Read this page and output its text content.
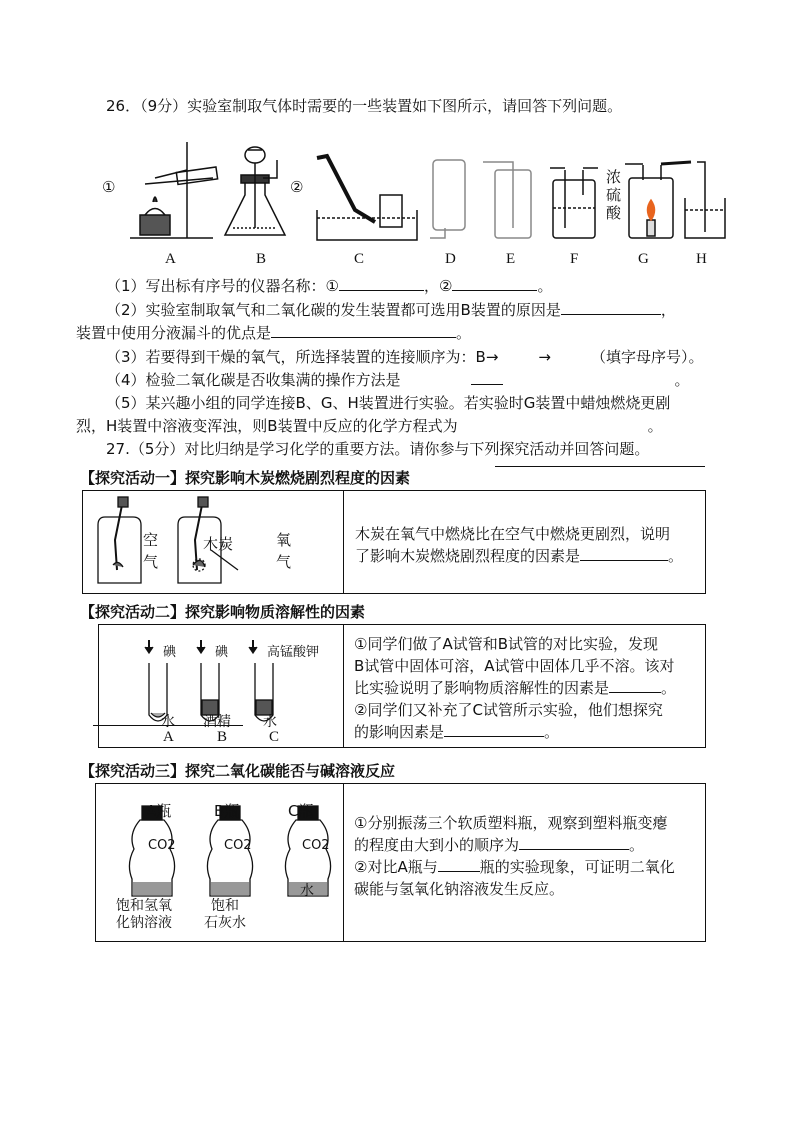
26．（9分）实验室制取气体时需要的一些装置如下图所示，请回答下列问题。
①	②
浓
硫
酸
A	B	C	D	E	F	G	H
（1）写出标有序号的仪器名称：①	，②	。
（2）实验室制取氧气和二氧化碳的发生装置都可选用B装置的原因是	，
装置中使用分液漏斗的优点是	。
（3）若要得到干燥的氧气，所选择装置的连接顺序为：B→	→	（填字母序号）。
（4）检验二氧化碳是否收集满的操作方法是	。
（5）某兴趣小组的同学连接B、G、H装置进行实验。若实验时G装置中蜡烛燃烧更剧
烈，H装置中溶液变浑浊，则B装置中反应的化学方程式为	。
27.（5分）对比归纳是学习化学的重要方法。请你参与下列探究活动并回答问题。
【探究活动一】探究影响木炭燃烧剧烈程度的因素
空
气
木炭	氧
气
木炭在氧气中燃烧比在空气中燃烧更剧烈，说明
了影响木炭燃烧剧烈程度的因素是	。
【探究活动二】探究影响物质溶解性的因素
碘	碘	高锰酸钾
水 酒精 水
A	B	C
①同学们做了A试管和B试管的对比实验，发现
B试管中固体可溶，A试管中固体几乎不溶。该对
比实验说明了影响物质溶解性的因素是	。
②同学们又补充了C试管所示实验，他们想探究
的影响因素是	。
【探究活动三】探究二氧化碳能否与碱溶液反应
A瓶	B瓶	C瓶
CO2	CO2	CO2
饱和氢氧
化钠溶液
饱和
石灰水
水
①分别振荡三个软质塑料瓶，观察到塑料瓶变瘪
的程度由大到小的顺序为	。
②对比A瓶与	瓶的实验现象，可证明二氧化
碳能与氢氧化钠溶液发生反应。
